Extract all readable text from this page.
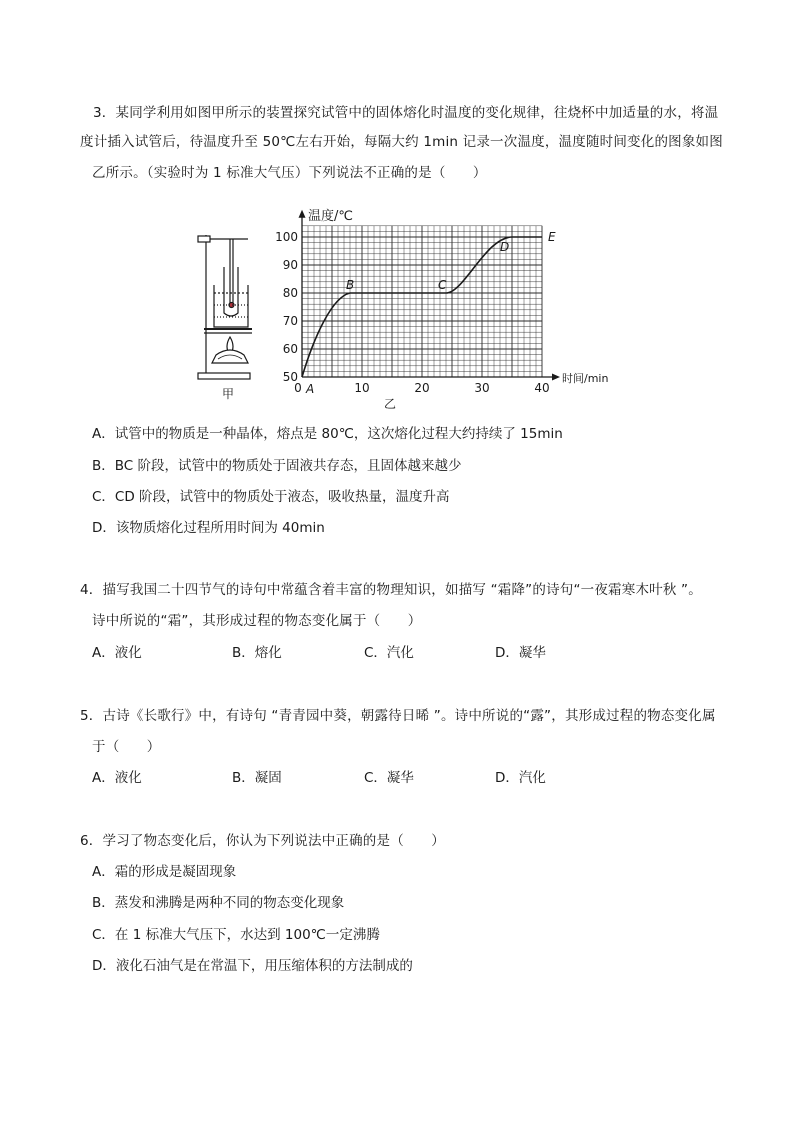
3．某同学利用如图甲所示的装置探究试管中的固体熔化时温度的变化规律，往烧杯中加适量的水，将温
度计插入试管后，待温度升至 50℃左右开始，每隔大约 1min 记录一次温度，温度随时间变化的图象如图
乙所示。（实验时为 1 标准大气压）下列说法不正确的是（　　）
甲
温度/℃
时间/min
50
60
70
80
90
100
0	10	20	30	40
A
B	C
D
E
乙
A．试管中的物质是一种晶体，熔点是 80℃，这次熔化过程大约持续了 15min
B．BC 阶段，试管中的物质处于固液共存态，且固体越来越少
C．CD 阶段，试管中的物质处于液态，吸收热量，温度升高
D．该物质熔化过程所用时间为 40min
4．描写我国二十四节气的诗句中常蕴含着丰富的物理知识，如描写 “霜降”的诗句“一夜霜寒木叶秋 ”。
诗中所说的“霜”，其形成过程的物态变化属于（　　）
A．液化	B．熔化	C．汽化	D．凝华
5．古诗《长歌行》中，有诗句 “青青园中葵，朝露待日晞 ”。诗中所说的“露”，其形成过程的物态变化属
于（　　）
A．液化	B．凝固	C．凝华	D．汽化
6．学习了物态变化后，你认为下列说法中正确的是（　　）
A．霜的形成是凝固现象
B．蒸发和沸腾是两种不同的物态变化现象
C．在 1 标准大气压下，水达到 100℃一定沸腾
D．液化石油气是在常温下，用压缩体积的方法制成的
